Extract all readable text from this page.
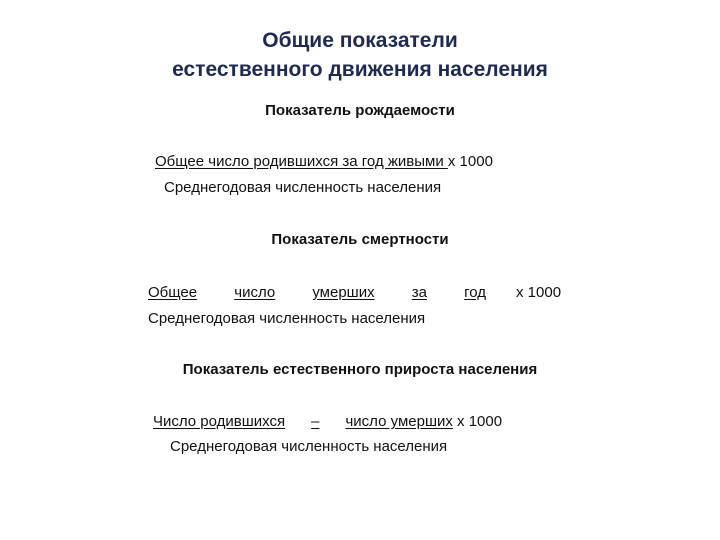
Общие показатели
естественного движения населения
Показатель рождаемости
Общее число родившихся за год живыми х 1000
Среднегодовая численность населения
Показатель смертности
Общее число умерших за год х 1000
Среднегодовая численность населения
Показатель естественного прироста населения
Число родившихся – число умерших х 1000
Среднегодовая численность населения
